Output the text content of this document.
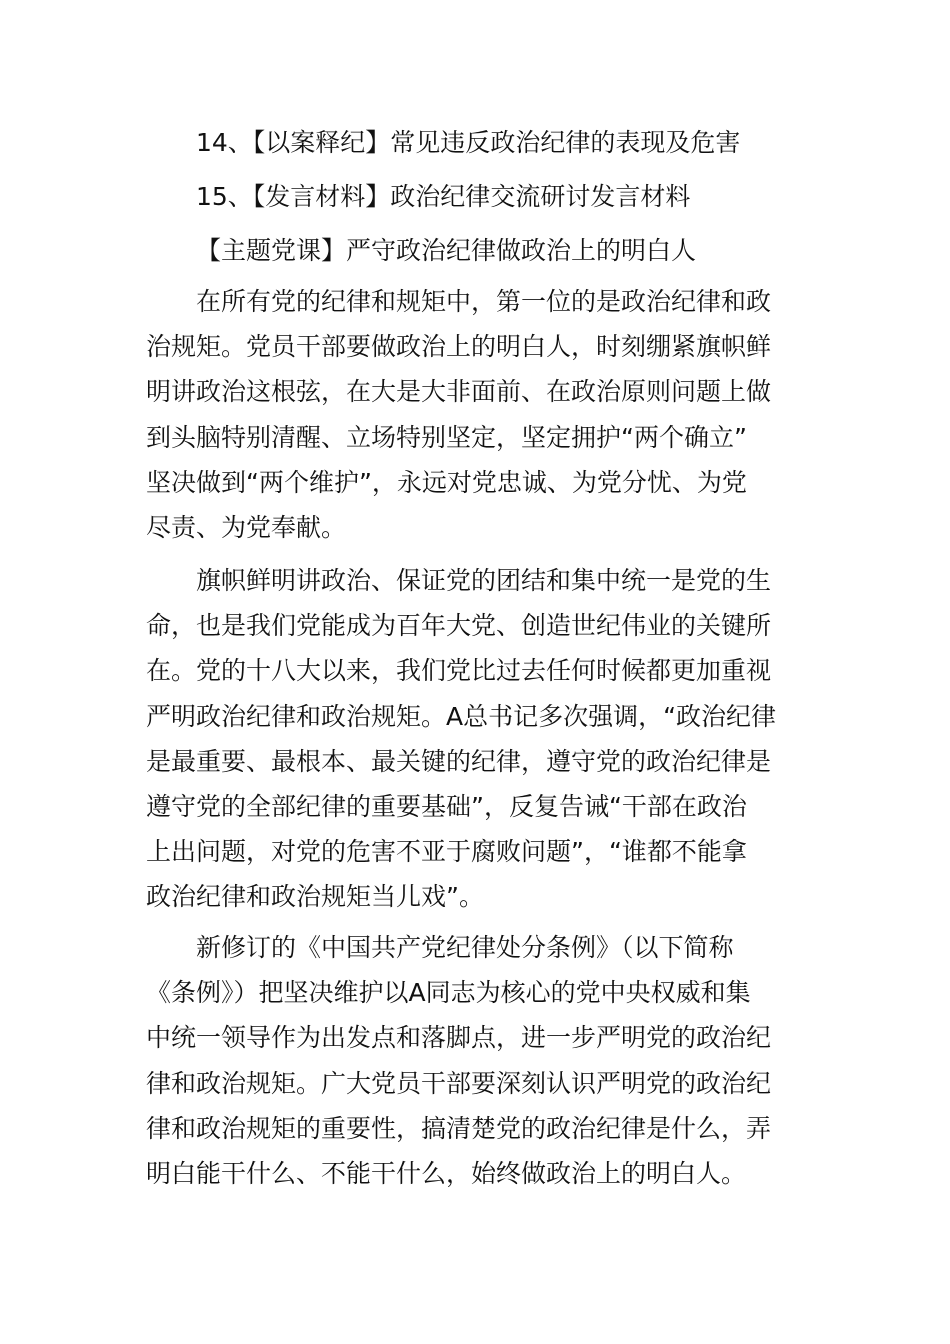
14、【以案释纪】常见违反政治纪律的表现及危害
15、【发言材料】政治纪律交流研讨发言材料
【主题党课】严守政治纪律做政治上的明白人
在所有党的纪律和规矩中，第一位的是政治纪律和政
治规矩。党员干部要做政治上的明白人，时刻绷紧旗帜鲜
明讲政治这根弦，在大是大非面前、在政治原则问题上做
到头脑特别清醒、立场特别坚定，坚定拥护“两个确立”
坚决做到“两个维护”，永远对党忠诚、为党分忧、为党
尽责、为党奉献。
旗帜鲜明讲政治、保证党的团结和集中统一是党的生
命，也是我们党能成为百年大党、创造世纪伟业的关键所
在。党的十八大以来，我们党比过去任何时候都更加重视
严明政治纪律和政治规矩。A总书记多次强调，“政治纪律
是最重要、最根本、最关键的纪律，遵守党的政治纪律是
遵守党的全部纪律的重要基础”，反复告诫“干部在政治
上出问题，对党的危害不亚于腐败问题”，“谁都不能拿
政治纪律和政治规矩当儿戏”。
新修订的《中国共产党纪律处分条例》（以下简称
《条例》）把坚决维护以A同志为核心的党中央权威和集
中统一领导作为出发点和落脚点，进一步严明党的政治纪
律和政治规矩。广大党员干部要深刻认识严明党的政治纪
律和政治规矩的重要性，搞清楚党的政治纪律是什么，弄
明白能干什么、不能干什么，始终做政治上的明白人。
